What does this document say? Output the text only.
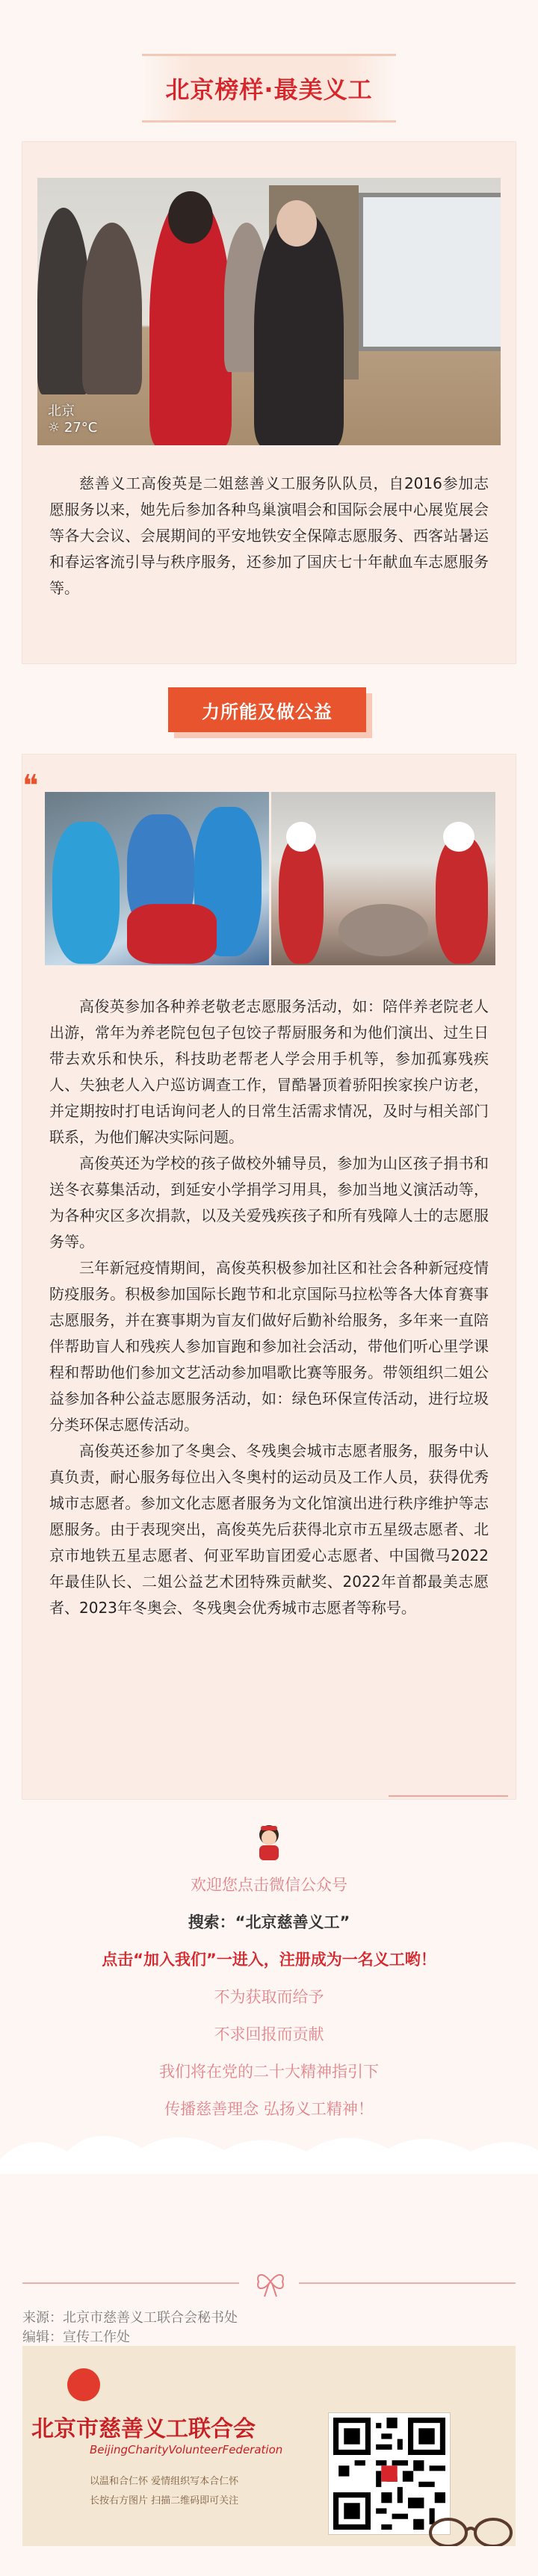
北京榜样·最美义工
北京
☼ 27°C

慈善义工高俊英是二姐慈善义工服务队队员，自2016参加志愿服务以来，她先后参加各种鸟巢演唱会和国际会展中心展览展会等各大会议、会展期间的平安地铁安全保障志愿服务、西客站暑运和春运客流引导与秩序服务，还参加了国庆七十年献血车志愿服务等。

力所能及做公益
❝

高俊英参加各种养老敬老志愿服务活动，如：陪伴养老院老人出游，常年为养老院包包子包饺子帮厨服务和为他们演出、过生日带去欢乐和快乐，科技助老帮老人学会用手机等，参加孤寡残疾人、失独老人入户巡访调查工作，冒酷暑顶着骄阳挨家挨户访老，并定期按时打电话询问老人的日常生活需求情况，及时与相关部门联系，为他们解决实际问题。

高俊英还为学校的孩子做校外辅导员，参加为山区孩子捐书和送冬衣募集活动，到延安小学捐学习用具，参加当地义演活动等，为各种灾区多次捐款，以及关爱残疾孩子和所有残障人士的志愿服务等。

三年新冠疫情期间，高俊英积极参加社区和社会各种新冠疫情防疫服务。积极参加国际长跑节和北京国际马拉松等各大体育赛事志愿服务，并在赛事期为盲友们做好后勤补给服务，多年来一直陪伴帮助盲人和残疾人参加盲跑和参加社会活动，带他们听心里学课程和帮助他们参加文艺活动参加唱歌比赛等服务。带领组织二姐公益参加各种公益志愿服务活动，如：绿色环保宣传活动，进行垃圾分类环保志愿传活动。

高俊英还参加了冬奥会、冬残奥会城市志愿者服务，服务中认真负责，耐心服务每位出入冬奥村的运动员及工作人员，获得优秀城市志愿者。参加文化志愿者服务为文化馆演出进行秩序维护等志愿服务。由于表现突出，高俊英先后获得北京市五星级志愿者、北京市地铁五星志愿者、何亚军助盲团爱心志愿者、中国微马2022年最佳队长、二姐公益艺术团特殊贡献奖、2022年首都最美志愿者、2023年冬奥会、冬残奥会优秀城市志愿者等称号。

欢迎您点击微信公众号

搜索：“北京慈善义工”

点击“加入我们”一进入，注册成为一名义工哟！

不为获取而给予

不求回报而贡献

我们将在党的二十大精神指引下

传播慈善理念 弘扬义工精神！

来源：北京市慈善义工联合会秘书处

编辑：宣传工作处

北京市慈善义工联合会
BeijingCharityVolunteerFederation
以温和合仁怀 爱情组织写本合仁怀
长按右方图片 扫描二维码即可关注
